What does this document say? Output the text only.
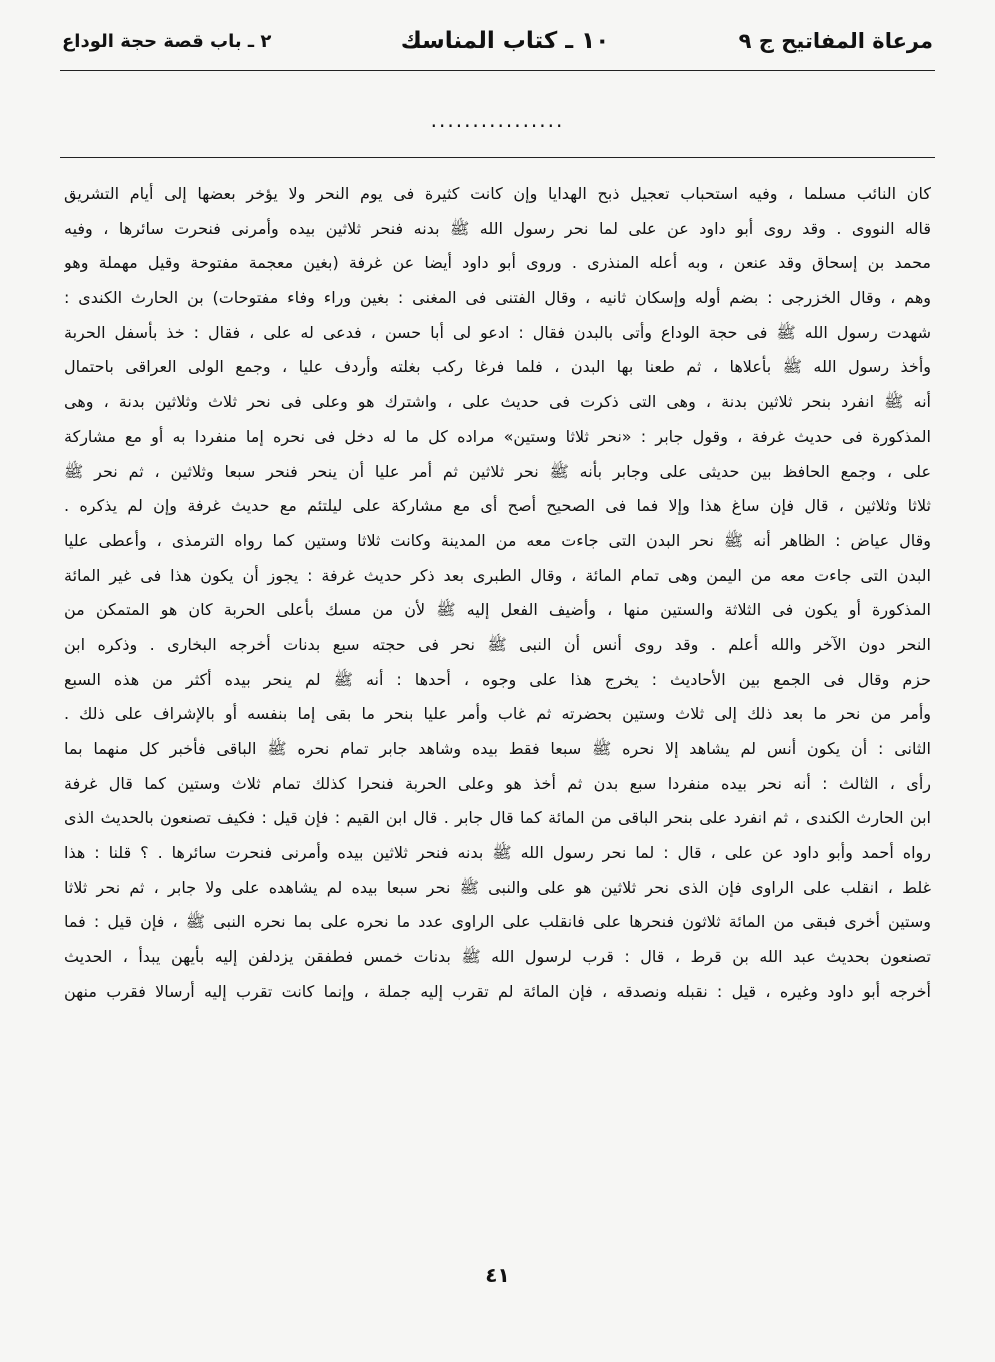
مرعاة المفاتيح ج ٩
١٠ ـ كتاب المناسك
٢ ـ باب قصة حجة الوداع
................
كان النائب مسلما ، وفيه استحباب تعجيل ذبح الهدايا وإن كانت كثيرة فى يوم النحر ولا يؤخر بعضها إلى أيام التشريق
قاله النووى . وقد روى أبو داود عن على لما نحر رسول الله ﷺ بدنه فنحر ثلاثين بيده وأمرنى فنحرت سائرها ، وفيه
محمد بن إسحاق وقد عنعن ، وبه أعله المنذرى . وروى أبو داود أيضا عن غرفة (بغين معجمة مفتوحة وقيل مهملة وهو
وهم ، وقال الخزرجى : بضم أوله وإسكان ثانيه ، وقال الفتنى فى المغنى : بغين وراء وفاء مفتوحات) بن الحارث الكندى :
شهدت رسول الله ﷺ فى حجة الوداع وأتى بالبدن فقال : ادعو لى أبا حسن ، فدعى له على ، فقال : خذ بأسفل الحربة
وأخذ رسول الله ﷺ بأعلاها ، ثم طعنا بها البدن ، فلما فرغا ركب بغلته وأردف عليا ، وجمع الولى العراقى باحتمال
أنه ﷺ انفرد بنحر ثلاثين بدنة ، وهى التى ذكرت فى حديث على ، واشترك هو وعلى فى نحر ثلاث وثلاثين بدنة ، وهى
المذكورة فى حديث غرفة ، وقول جابر : «نحر ثلاثا وستين» مراده كل ما له دخل فى نحره إما منفردا به أو مع مشاركة
على ، وجمع الحافظ بين حديثى على وجابر بأنه ﷺ نحر ثلاثين ثم أمر عليا أن ينحر فنحر سبعا وثلاثين ، ثم نحر ﷺ
ثلاثا وثلاثين ، قال فإن ساغ هذا وإلا فما فى الصحيح أصح أى مع مشاركة على ليلتئم مع حديث غرفة وإن لم يذكره .
وقال عياض : الظاهر أنه ﷺ نحر البدن التى جاءت معه من المدينة وكانت ثلاثا وستين كما رواه الترمذى ، وأعطى عليا
البدن التى جاءت معه من اليمن وهى تمام المائة ، وقال الطبرى بعد ذكر حديث غرفة : يجوز أن يكون هذا فى غير المائة
المذكورة أو يكون فى الثلاثة والستين منها ، وأضيف الفعل إليه ﷺ لأن من مسك بأعلى الحربة كان هو المتمكن من
النحر دون الآخر والله أعلم . وقد روى أنس أن النبى ﷺ نحر فى حجته سبع بدنات أخرجه البخارى . وذكره ابن
حزم وقال فى الجمع بين الأحاديث : يخرج هذا على وجوه ، أحدها : أنه ﷺ لم ينحر بيده أكثر من هذه السبع
وأمر من نحر ما بعد ذلك إلى ثلاث وستين بحضرته ثم غاب وأمر عليا بنحر ما بقى إما بنفسه أو بالإشراف على ذلك .
الثانى : أن يكون أنس لم يشاهد إلا نحره ﷺ سبعا فقط بيده وشاهد جابر تمام نحره ﷺ الباقى فأخبر كل منهما بما
رأى ، الثالث : أنه نحر بيده منفردا سبع بدن ثم أخذ هو وعلى الحربة فنحرا كذلك تمام ثلاث وستين كما قال غرفة
ابن الحارث الكندى ، ثم انفرد على بنحر الباقى من المائة كما قال جابر . قال ابن القيم : فإن قيل : فكيف تصنعون بالحديث الذى
رواه أحمد وأبو داود عن على ، قال : لما نحر رسول الله ﷺ بدنه فنحر ثلاثين بيده وأمرنى فنحرت سائرها . ؟ قلنا : هذا
غلط ، انقلب على الراوى فإن الذى نحر ثلاثين هو على والنبى ﷺ نحر سبعا بيده لم يشاهده على ولا جابر ، ثم نحر ثلاثا
وستين أخرى فبقى من المائة ثلاثون فنحرها على فانقلب على الراوى عدد ما نحره على بما نحره النبى ﷺ ، فإن قيل : فما
تصنعون بحديث عبد الله بن قرط ، قال : قرب لرسول الله ﷺ بدنات خمس فطفقن يزدلفن إليه بأيهن يبدأ ، الحديث
أخرجه أبو داود وغيره ، قيل : نقبله ونصدقه ، فإن المائة لم تقرب إليه جملة ، وإنما كانت تقرب إليه أرسالا فقرب منهن
٤١
